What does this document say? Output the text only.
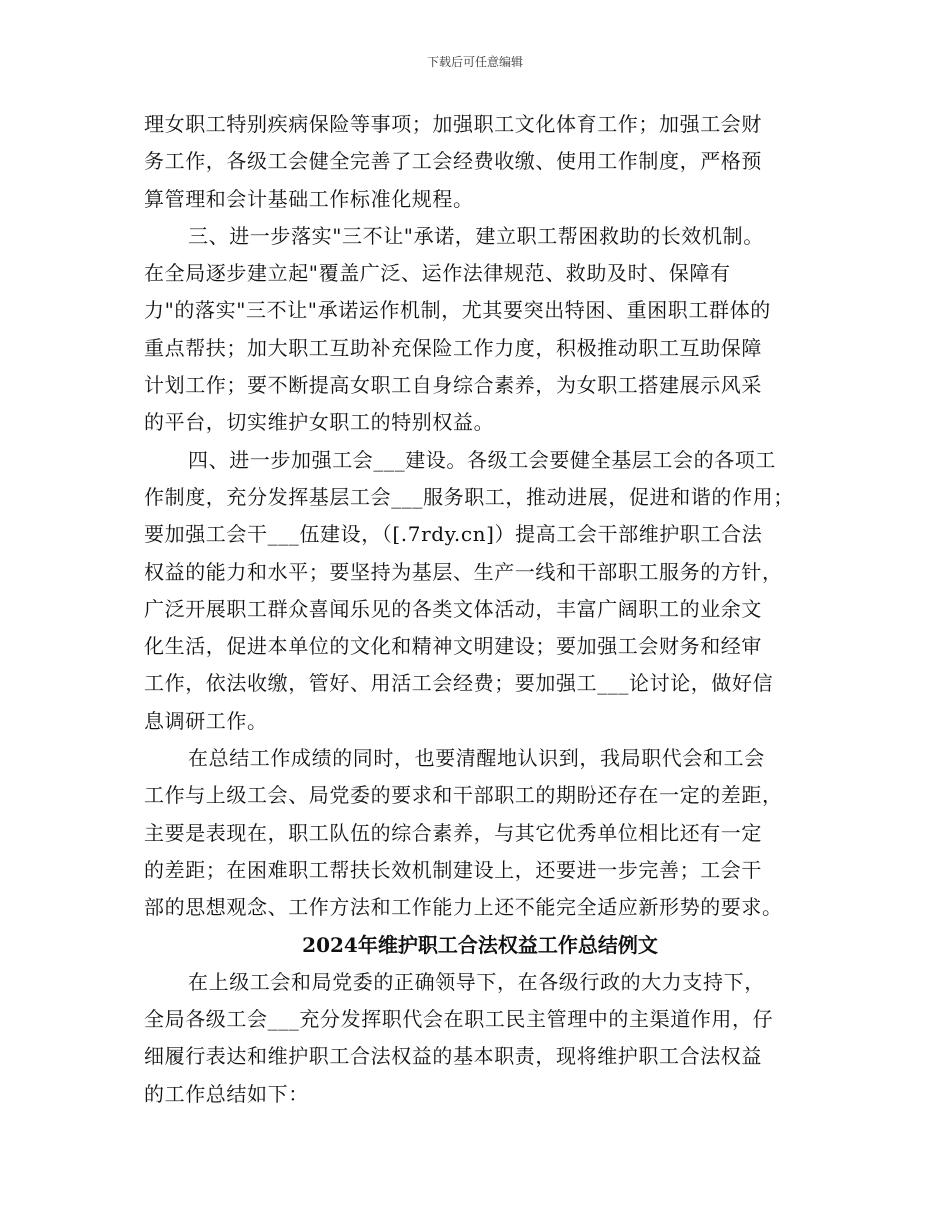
下载后可任意编辑
理女职工特别疾病保险等事项；加强职工文化体育工作；加强工会财
务工作，各级工会健全完善了工会经费收缴、使用工作制度，严格预
算管理和会计基础工作标准化规程。
三、进一步落实"三不让"承诺，建立职工帮困救助的长效机制。
在全局逐步建立起"覆盖广泛、运作法律规范、救助及时、保障有
力"的落实"三不让"承诺运作机制，尤其要突出特困、重困职工群体的
重点帮扶；加大职工互助补充保险工作力度，积极推动职工互助保障
计划工作；要不断提高女职工自身综合素养，为女职工搭建展示风采
的平台，切实维护女职工的特别权益。
四、进一步加强工会___建设。各级工会要健全基层工会的各项工
作制度，充分发挥基层工会___服务职工，推动进展，促进和谐的作用；
要加强工会干___伍建设，（[.7rdy.cn]）提高工会干部维护职工合法
权益的能力和水平；要坚持为基层、生产一线和干部职工服务的方针，
广泛开展职工群众喜闻乐见的各类文体活动，丰富广阔职工的业余文
化生活，促进本单位的文化和精神文明建设；要加强工会财务和经审
工作，依法收缴，管好、用活工会经费；要加强工___论讨论，做好信
息调研工作。
在总结工作成绩的同时，也要清醒地认识到，我局职代会和工会
工作与上级工会、局党委的要求和干部职工的期盼还存在一定的差距，
主要是表现在，职工队伍的综合素养，与其它优秀单位相比还有一定
的差距；在困难职工帮扶长效机制建设上，还要进一步完善；工会干
部的思想观念、工作方法和工作能力上还不能完全适应新形势的要求。
2024年维护职工合法权益工作总结例文
在上级工会和局党委的正确领导下，在各级行政的大力支持下，
全局各级工会___充分发挥职代会在职工民主管理中的主渠道作用，仔
细履行表达和维护职工合法权益的基本职责，现将维护职工合法权益
的工作总结如下：
